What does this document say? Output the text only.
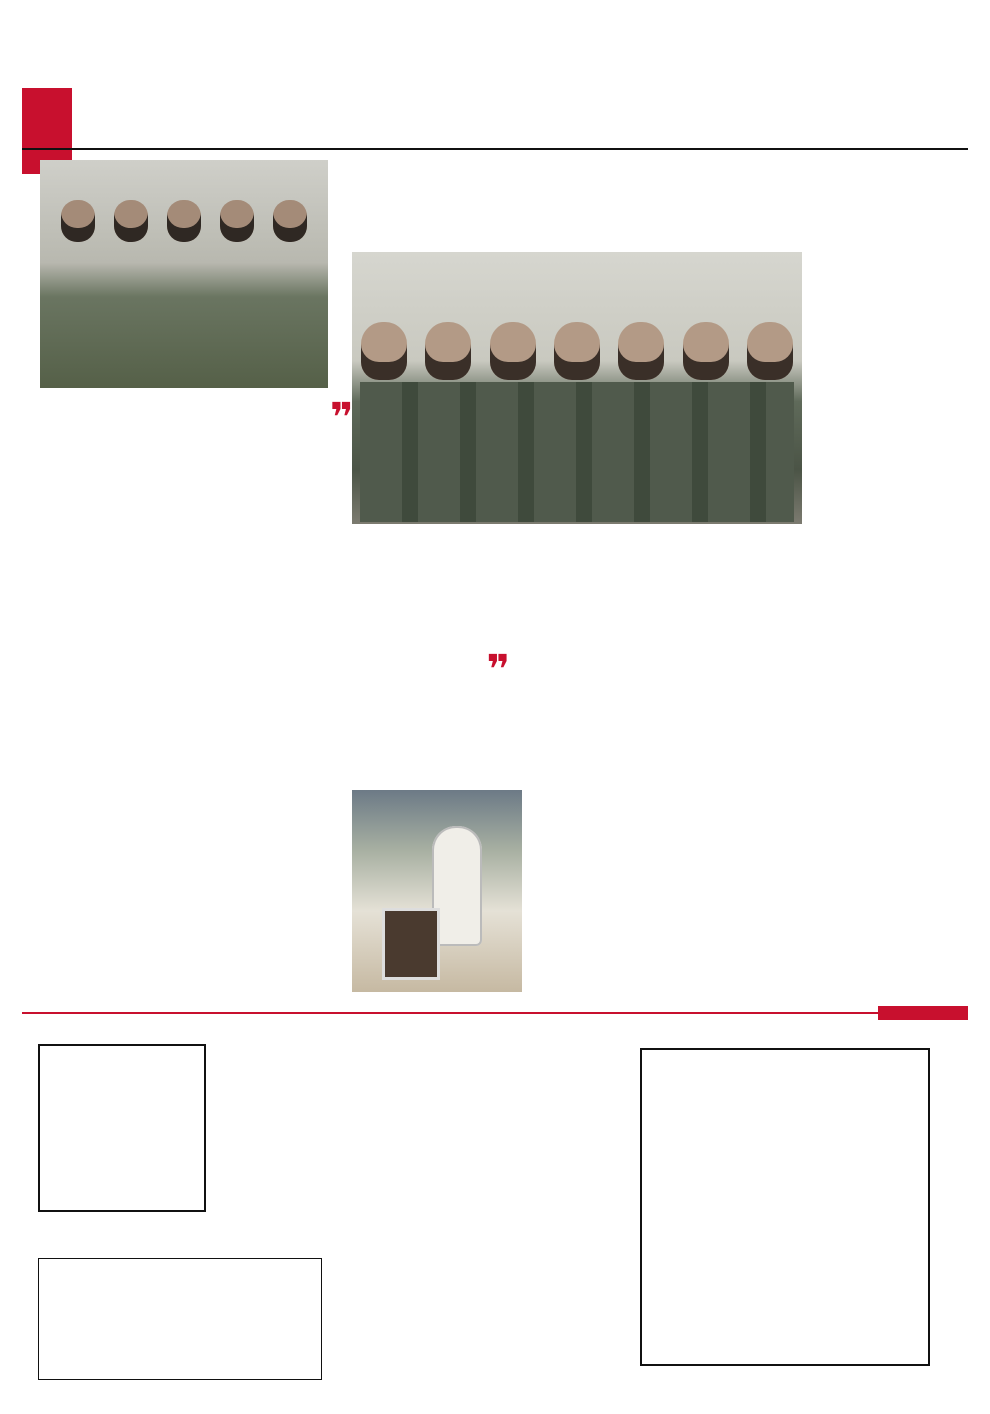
❞
❞
